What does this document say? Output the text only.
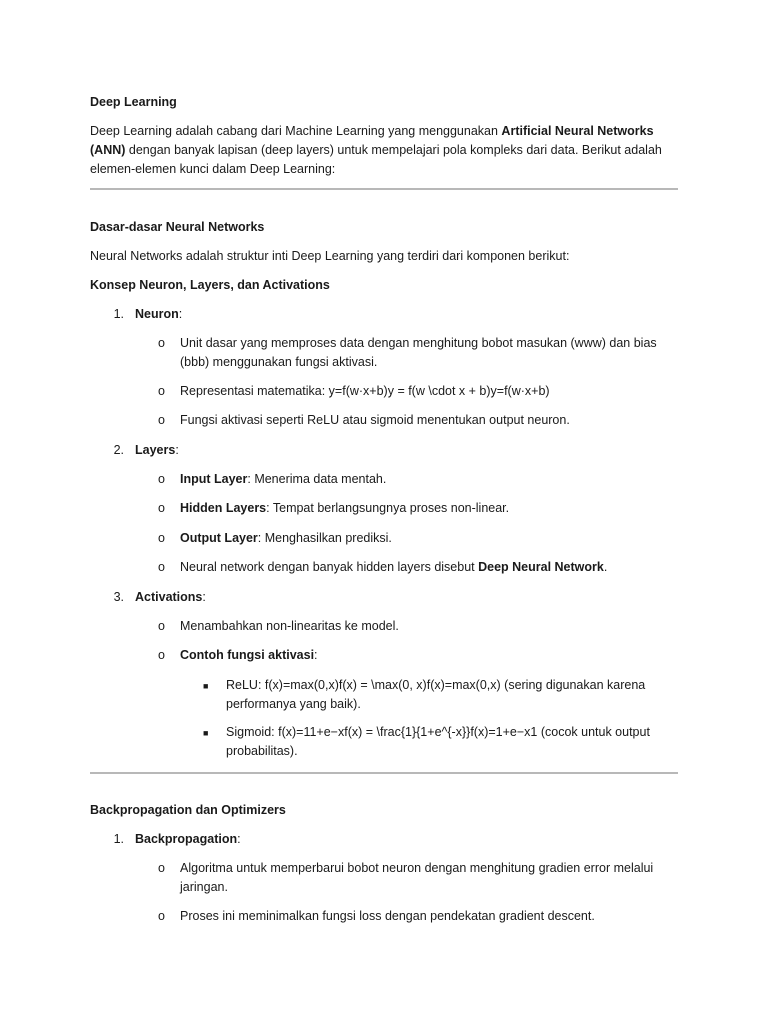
Deep Learning
Deep Learning adalah cabang dari Machine Learning yang menggunakan Artificial Neural Networks
(ANN) dengan banyak lapisan (deep layers) untuk mempelajari pola kompleks dari data. Berikut adalah
elemen-elemen kunci dalam Deep Learning:
Dasar-dasar Neural Networks
Neural Networks adalah struktur inti Deep Learning yang terdiri dari komponen berikut:
Konsep Neuron, Layers, dan Activations
1. Neuron:
o Unit dasar yang memproses data dengan menghitung bobot masukan (www) dan bias
(bbb) menggunakan fungsi aktivasi.
o Representasi matematika: y=f(w·x+b)y = f(w \cdot x + b)y=f(w·x+b)
o Fungsi aktivasi seperti ReLU atau sigmoid menentukan output neuron.
2. Layers:
o Input Layer: Menerima data mentah.
o Hidden Layers: Tempat berlangsungnya proses non-linear.
o Output Layer: Menghasilkan prediksi.
o Neural network dengan banyak hidden layers disebut Deep Neural Network.
3. Activations:
o Menambahkan non-linearitas ke model.
o Contoh fungsi aktivasi:
■ ReLU: f(x)=max(0,x)f(x) = \max(0, x)f(x)=max(0,x) (sering digunakan karena
performanya yang baik).
■ Sigmoid: f(x)=11+e−xf(x) = \frac{1}{1+e^{-x}}f(x)=1+e−x1 (cocok untuk output
probabilitas).
Backpropagation dan Optimizers
1. Backpropagation:
o Algoritma untuk memperbarui bobot neuron dengan menghitung gradien error melalui
jaringan.
o Proses ini meminimalkan fungsi loss dengan pendekatan gradient descent.
